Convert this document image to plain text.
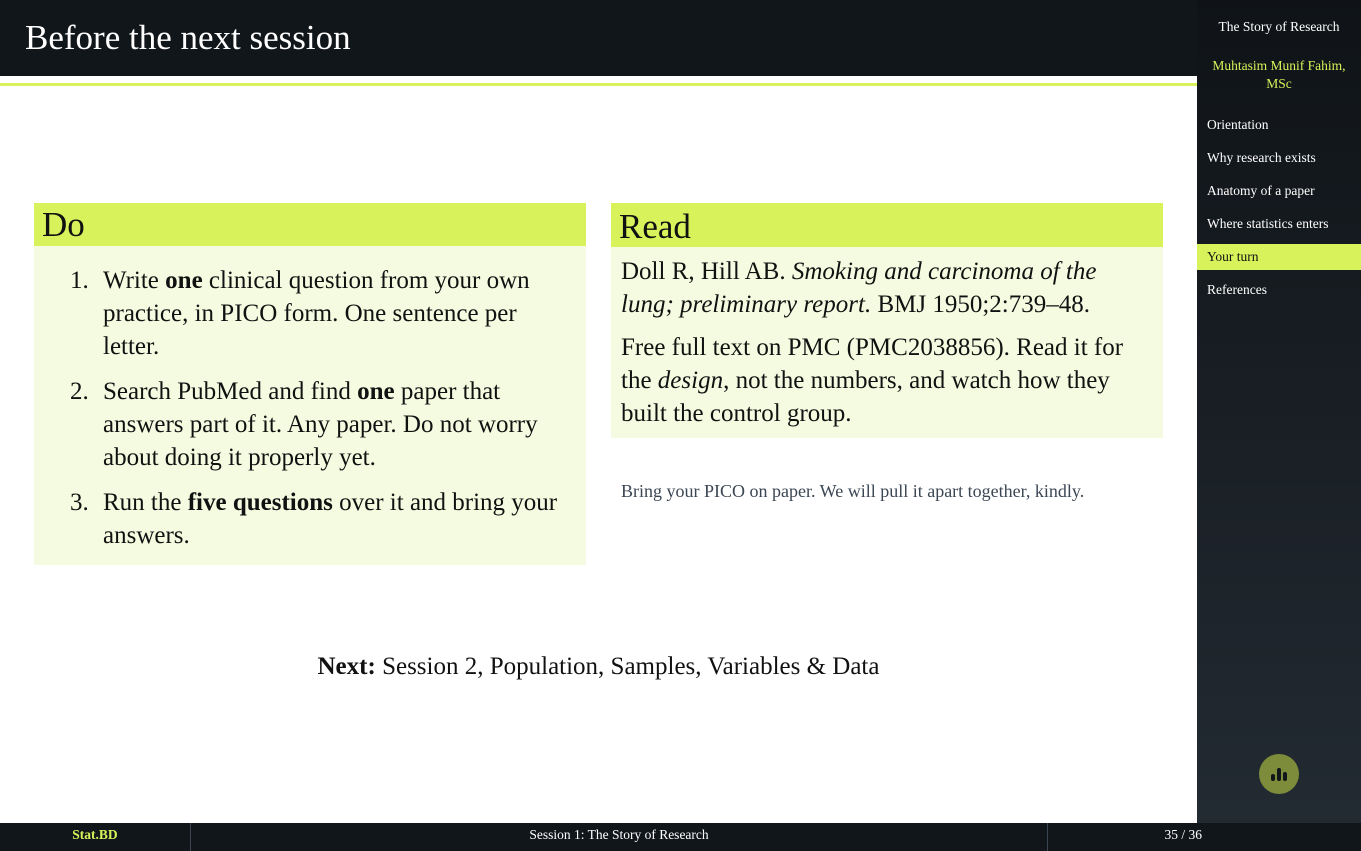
Before the next session	The Story of Research
Muhtasim Munif Fahim, MSc
Orientation
Why research exists
Anatomy of a paper
Where statistics enters
Your turn
References
Do
1. Write one clinical question from your own practice, in PICO form. One sentence per letter.
2. Search PubMed and find one paper that answers part of it. Any paper. Do not worry about doing it properly yet.
3. Run the five questions over it and bring your answers.
Read

Doll R, Hill AB. Smoking and carcinoma of the lung; preliminary report. BMJ 1950;2:739–48.

Free full text on PMC (PMC2038856). Read it for the design, not the numbers, and watch how they built the control group.

Bring your PICO on paper. We will pull it apart together, kindly.
Next: Session 2, Population, Samples, Variables & Data
Stat.BD	Session 1: The Story of Research	35 / 36
